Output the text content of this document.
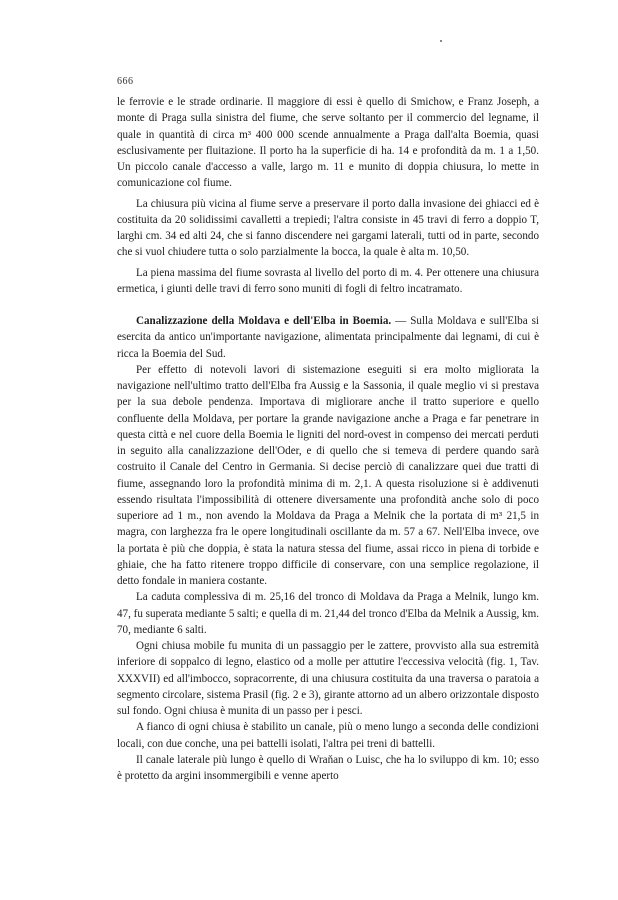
666

le ferrovie e le strade ordinarie. Il maggiore di essi è quello di Smichow, e Franz Joseph, a monte di Praga sulla sinistra del fiume, che serve soltanto per il commercio del legname, il quale in quantità di circa m³ 400 000 scende annualmente a Praga dall'alta Boemia, quasi esclusivamente per fluitazione. Il porto ha la superficie di ha. 14 e profondità da m. 1 a 1,50. Un piccolo canale d'accesso a valle, largo m. 11 e munito di doppia chiusura, lo mette in comunicazione col fiume.

La chiusura più vicina al fiume serve a preservare il porto dalla invasione dei ghiacci ed è costituita da 20 solidissimi cavalletti a trepiedi; l'altra consiste in 45 travi di ferro a doppio T, larghi cm. 34 ed alti 24, che si fanno discendere nei gargami laterali, tutti od in parte, secondo che si vuol chiudere tutta o solo parzialmente la bocca, la quale è alta m. 10,50.

La piena massima del fiume sovrasta al livello del porto di m. 4. Per ottenere una chiusura ermetica, i giunti delle travi di ferro sono muniti di fogli di feltro incatramato.

Canalizzazione della Moldava e dell'Elba in Boemia. — Sulla Moldava e sull'Elba si esercita da antico un'importante navigazione, alimentata principalmente dai legnami, di cui è ricca la Boemia del Sud.

Per effetto di notevoli lavori di sistemazione eseguiti si era molto migliorata la navigazione nell'ultimo tratto dell'Elba fra Aussig e la Sassonia, il quale meglio vi si prestava per la sua debole pendenza. Importava di migliorare anche il tratto superiore e quello confluente della Moldava, per portare la grande navigazione anche a Praga e far penetrare in questa città e nel cuore della Boemia le ligniti del nord-ovest in compenso dei mercati perduti in seguito alla canalizzazione dell'Oder, e di quello che si temeva di perdere quando sarà costruito il Canale del Centro in Germania. Si decise perciò di canalizzare quei due tratti di fiume, assegnando loro la profondità minima di m. 2,1. A questa risoluzione si è addivenuti essendo risultata l'impossibilità di ottenere diversamente una profondità anche solo di poco superiore ad 1 m., non avendo la Moldava da Praga a Melnik che la portata di m³ 21,5 in magra, con larghezza fra le opere longitudinali oscillante da m. 57 a 67. Nell'Elba invece, ove la portata è più che doppia, è stata la natura stessa del fiume, assai ricco in piena di torbide e ghiaie, che ha fatto ritenere troppo difficile di conservare, con una semplice regolazione, il detto fondale in maniera costante.

La caduta complessiva di m. 25,16 del tronco di Moldava da Praga a Melnik, lungo km. 47, fu superata mediante 5 salti; e quella di m. 21,44 del tronco d'Elba da Melnik a Aussig, km. 70, mediante 6 salti.

Ogni chiusa mobile fu munita di un passaggio per le zattere, provvisto alla sua estremità inferiore di soppalco di legno, elastico od a molle per attutire l'eccessiva velocità (fig. 1, Tav. XXXVII) ed all'imbocco, sopracorrente, di una chiusura costituita da una traversa o paratoia a segmento circolare, sistema Prasil (fig. 2 e 3), girante attorno ad un albero orizzontale disposto sul fondo. Ogni chiusa è munita di un passo per i pesci.

A fianco di ogni chiusa è stabilito un canale, più o meno lungo a seconda delle condizioni locali, con due conche, una pei battelli isolati, l'altra pei treni di battelli.

Il canale laterale più lungo è quello di Wraňan o Luisc, che ha lo sviluppo di km. 10; esso è protetto da argini insommergibili e venne aperto
